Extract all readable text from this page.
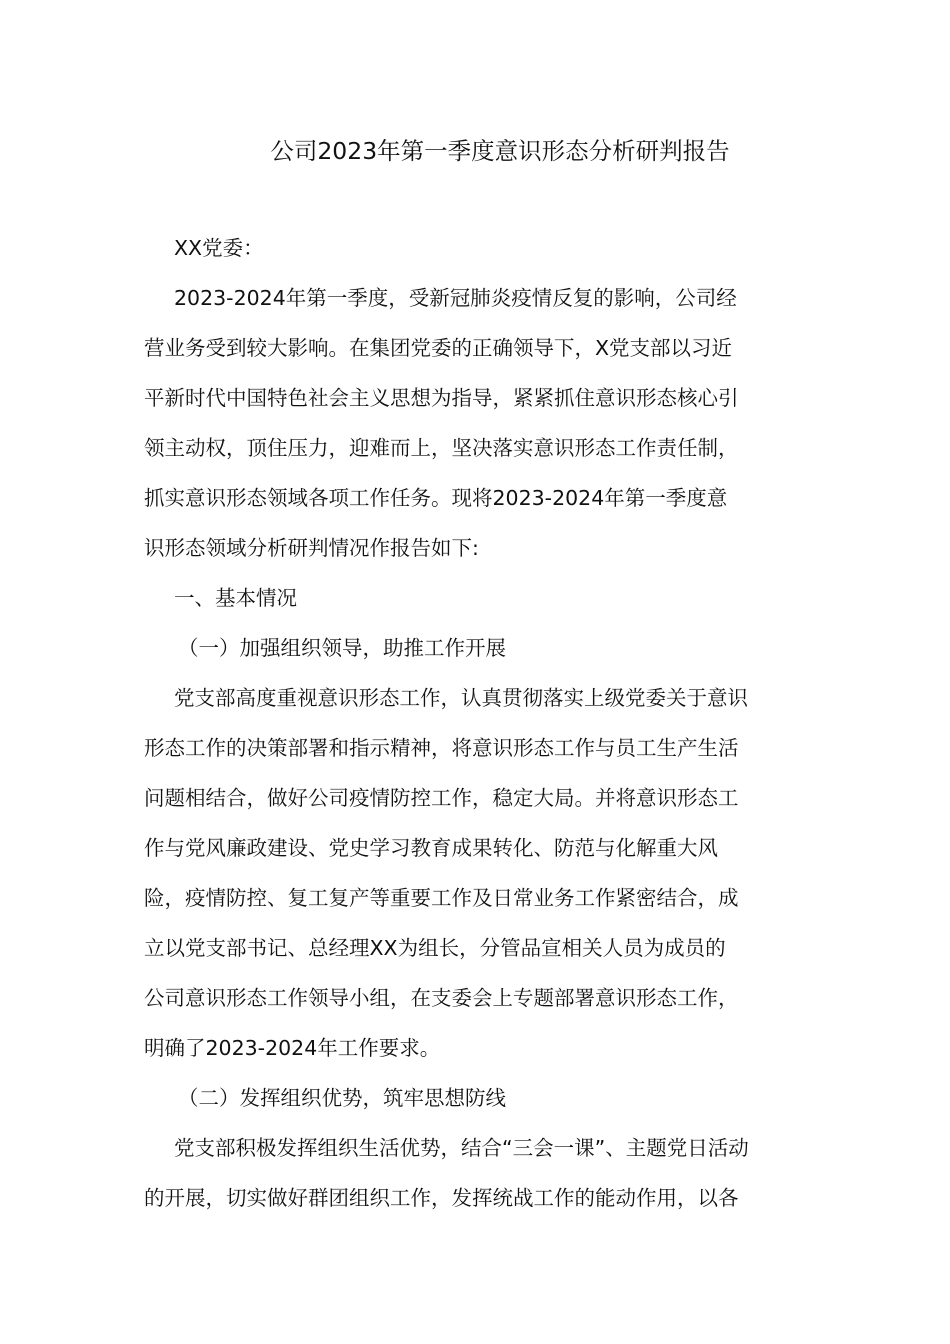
公司2023年第一季度意识形态分析研判报告

XX党委：

2023-2024年第一季度，受新冠肺炎疫情反复的影响，公司经

营业务受到较大影响。在集团党委的正确领导下，X党支部以习近

平新时代中国特色社会主义思想为指导，紧紧抓住意识形态核心引

领主动权，顶住压力，迎难而上，坚决落实意识形态工作责任制，

抓实意识形态领域各项工作任务。现将2023-2024年第一季度意

识形态领域分析研判情况作报告如下:

一、基本情况

（一）加强组织领导，助推工作开展

党支部高度重视意识形态工作，认真贯彻落实上级党委关于意识

形态工作的决策部署和指示精神，将意识形态工作与员工生产生活

问题相结合，做好公司疫情防控工作，稳定大局。并将意识形态工

作与党风廉政建设、党史学习教育成果转化、防范与化解重大风

险，疫情防控、复工复产等重要工作及日常业务工作紧密结合，成

立以党支部书记、总经理XX为组长，分管品宣相关人员为成员的

公司意识形态工作领导小组，在支委会上专题部署意识形态工作，

明确了2023-2024年工作要求。

（二）发挥组织优势，筑牢思想防线

党支部积极发挥组织生活优势，结合“三会一课”、主题党日活动

的开展，切实做好群团组织工作，发挥统战工作的能动作用，以各
